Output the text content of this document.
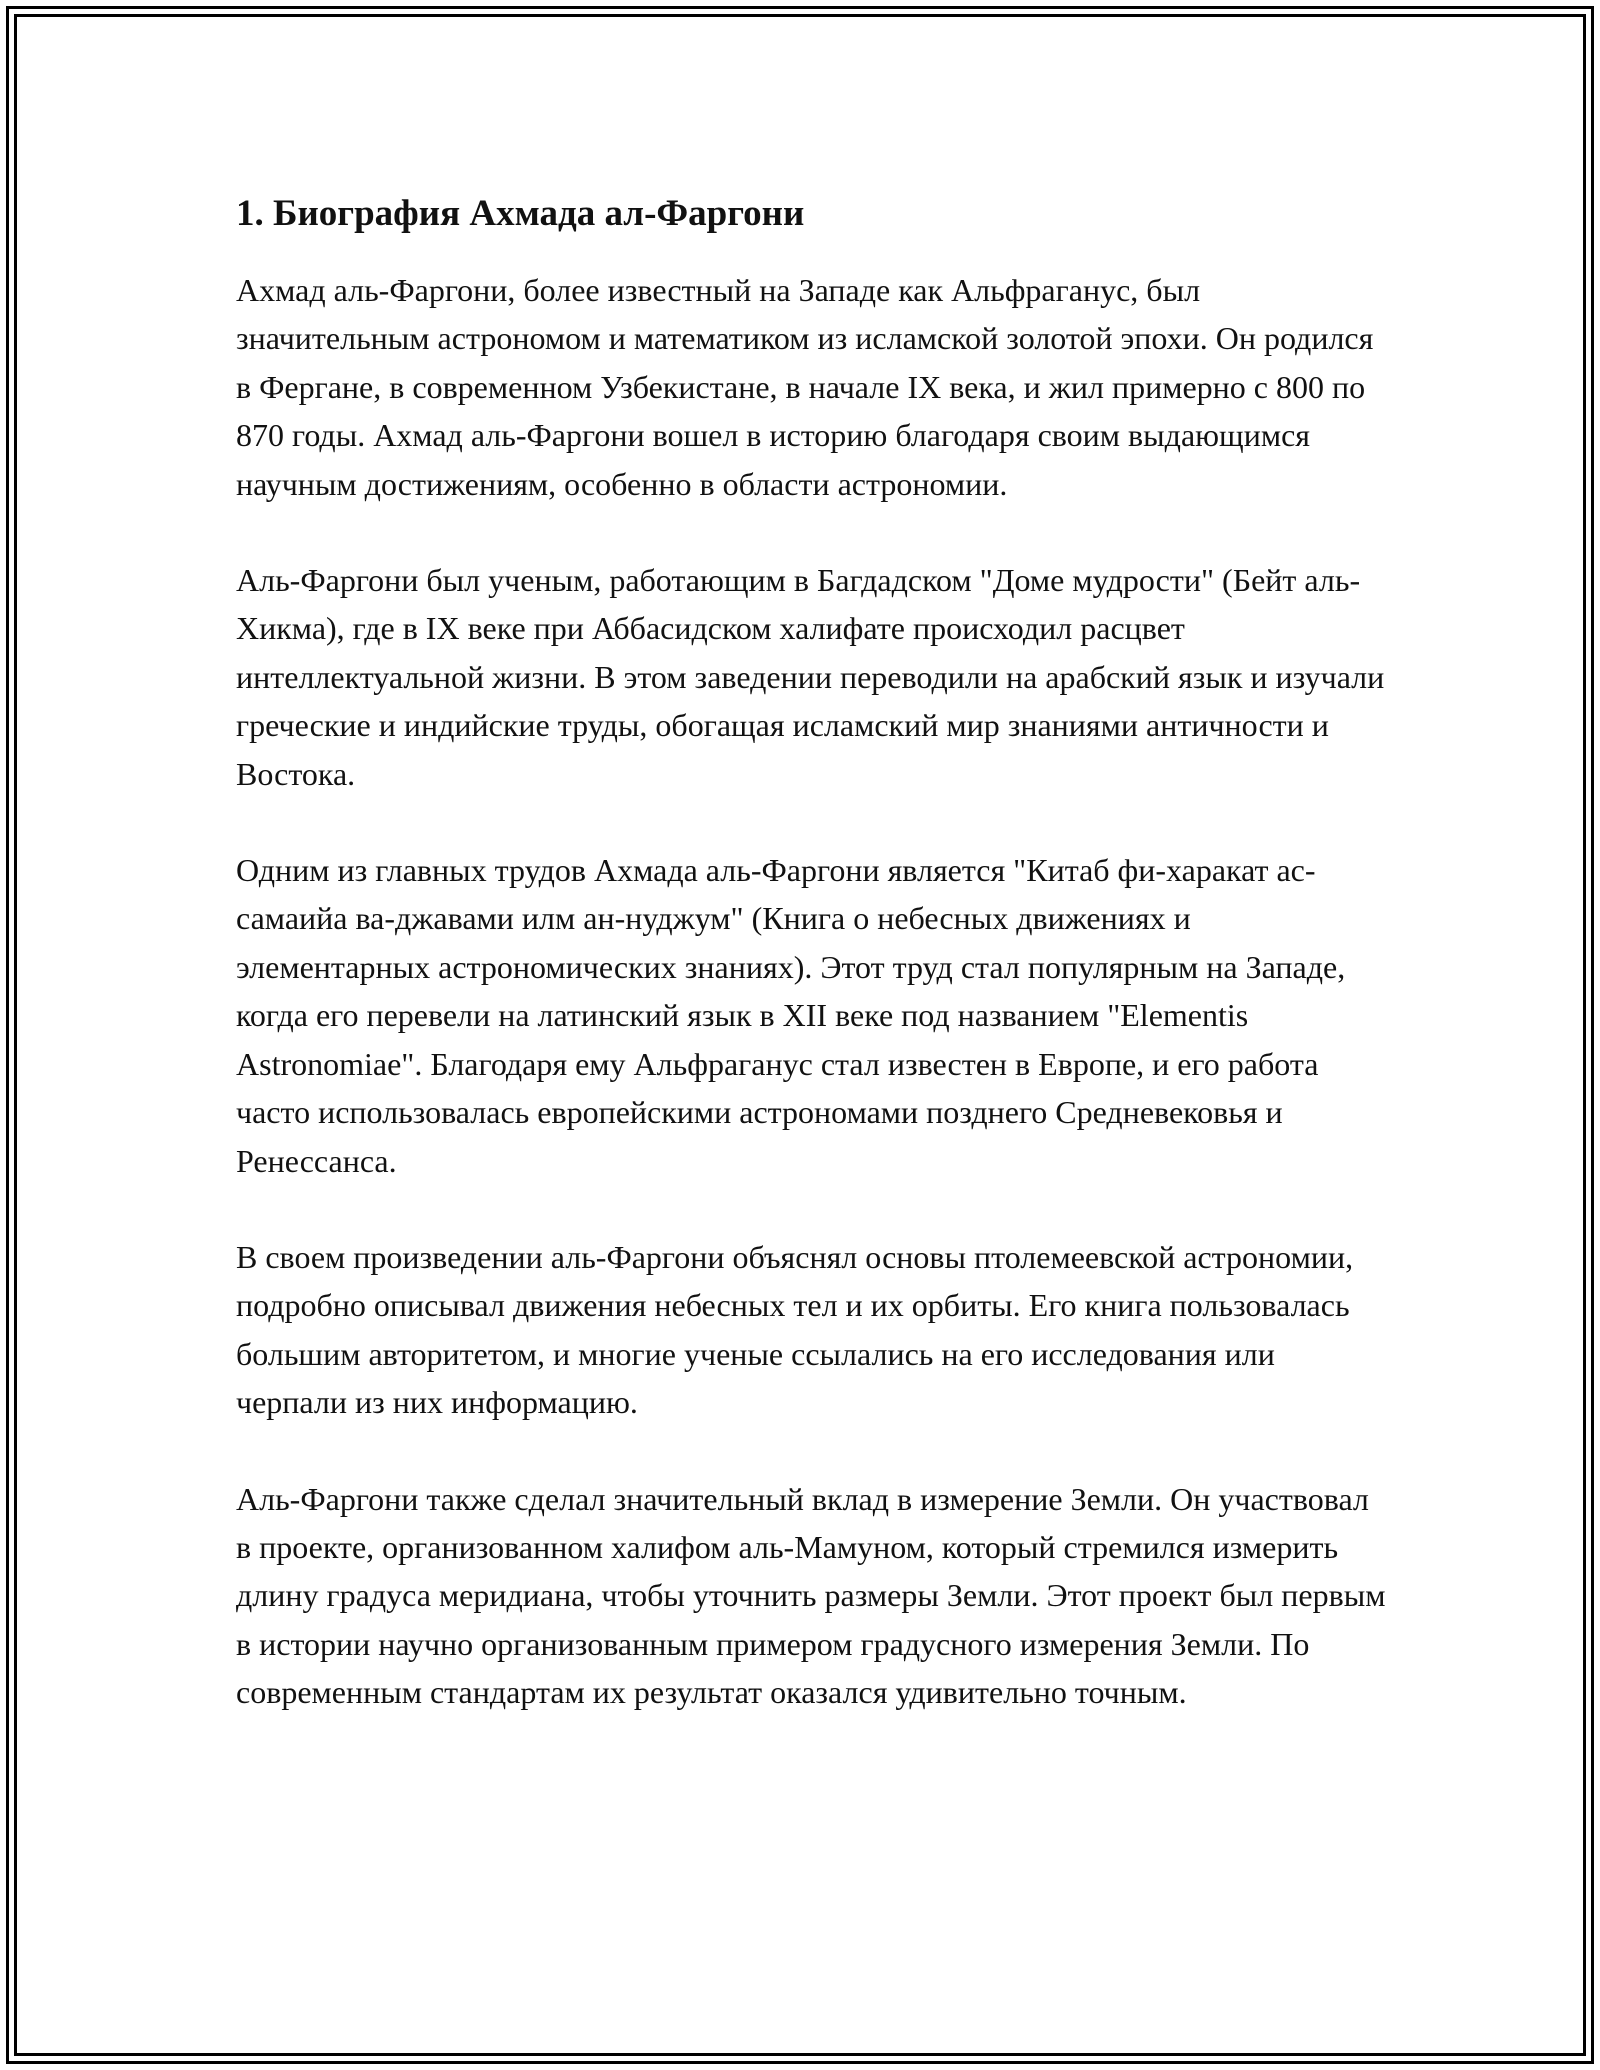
1. Биография Ахмада ал-Фаргони

Ахмад аль-Фаргони, более известный на Западе как Альфраганус, был значительным астрономом и математиком из исламской золотой эпохи. Он родился в Фергане, в современном Узбекистане, в начале IX века, и жил примерно с 800 по 870 годы. Ахмад аль-Фаргони вошел в историю благодаря своим выдающимся научным достижениям, особенно в области астрономии.

Аль-Фаргони был ученым, работающим в Багдадском "Доме мудрости" (Бейт аль-Хикма), где в IX веке при Аббасидском халифате происходил расцвет интеллектуальной жизни. В этом заведении переводили на арабский язык и изучали греческие и индийские труды, обогащая исламский мир знаниями античности и Востока.

Одним из главных трудов Ахмада аль-Фаргони является "Китаб фи-харакат ас-самаийа ва-джавами илм ан-нуджум" (Книга о небесных движениях и элементарных астрономических знаниях). Этот труд стал популярным на Западе, когда его перевели на латинский язык в XII веке под названием "Elementis Astronomiae". Благодаря ему Альфраганус стал известен в Европе, и его работа часто использовалась европейскими астрономами позднего Средневековья и Ренессанса.

В своем произведении аль-Фаргони объяснял основы птолемеевской астрономии, подробно описывал движения небесных тел и их орбиты. Его книга пользовалась большим авторитетом, и многие ученые ссылались на его исследования или черпали из них информацию.

Аль-Фаргони также сделал значительный вклад в измерение Земли. Он участвовал в проекте, организованном халифом аль-Мамуном, который стремился измерить длину градуса меридиана, чтобы уточнить размеры Земли. Этот проект был первым в истории научно организованным примером градусного измерения Земли. По современным стандартам их результат оказался удивительно точным.
